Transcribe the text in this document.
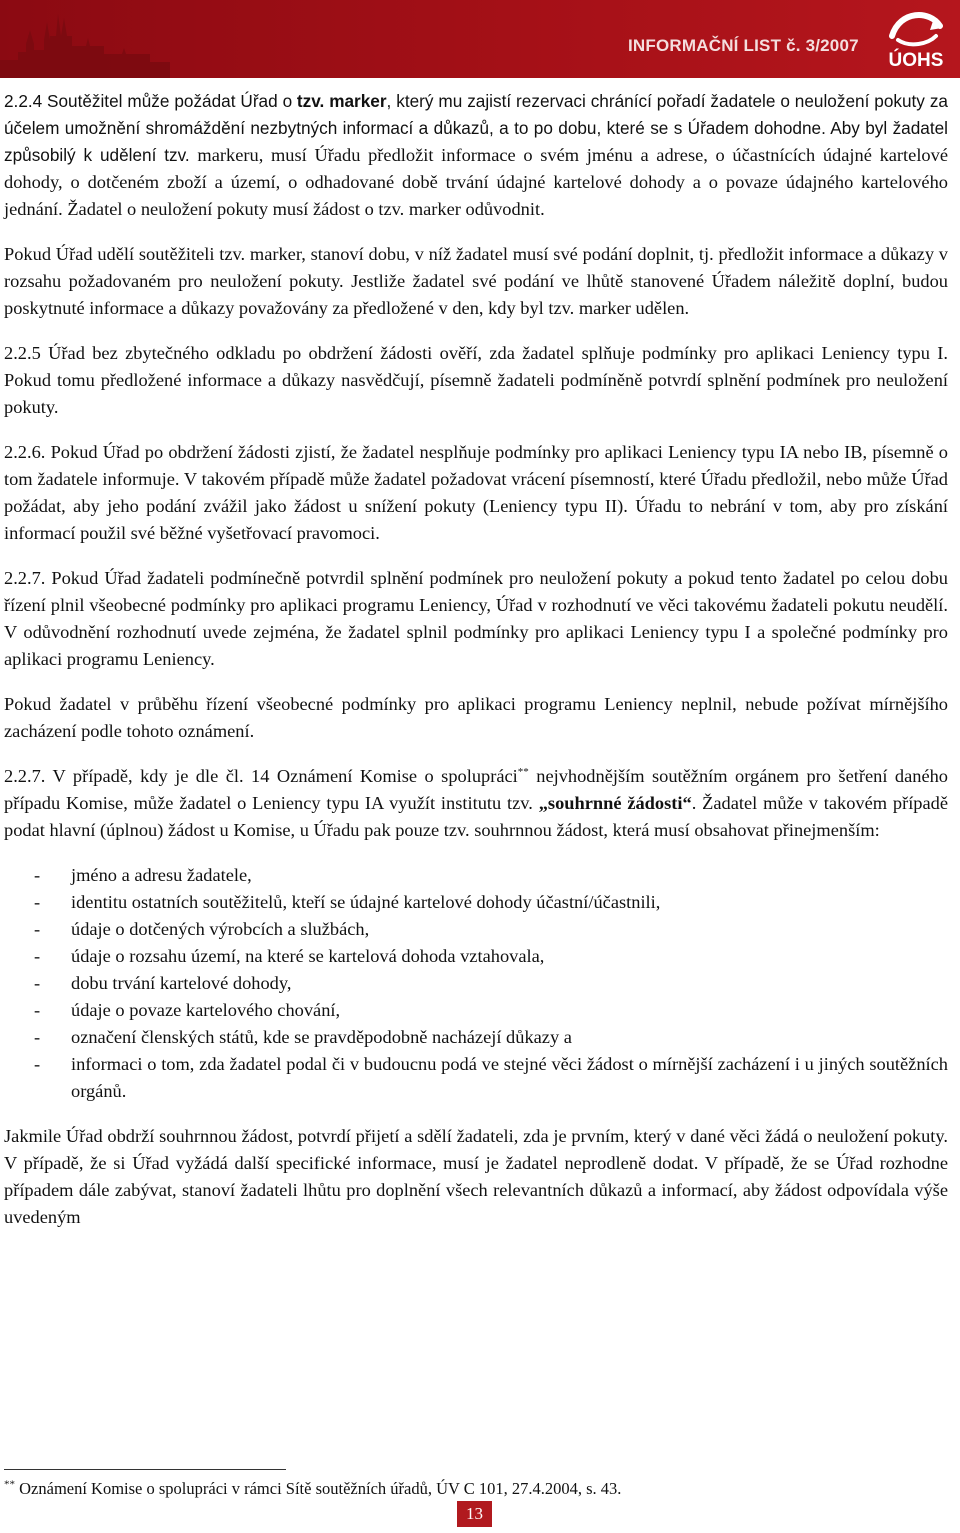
INFORMAČNÍ LIST č. 3/2007
ÚOHS

2.2.4 Soutěžitel může požádat Úřad o tzv. marker, který mu zajistí rezervaci chránící pořadí žadatele o neuložení pokuty za účelem umožnění shromáždění nezbytných informací a důkazů, a to po dobu, které se s Úřadem dohodne. Aby byl žadatel způsobilý k udělení tzv. markeru, musí Úřadu předložit informace o svém jménu a adrese, o účastnících údajné kartelové dohody, o dotčeném zboží a území, o odhadované době trvání údajné kartelové dohody a o povaze údajného kartelového jednání. Žadatel o neuložení pokuty musí žádost o tzv. marker odůvodnit.

Pokud Úřad udělí soutěžiteli tzv. marker, stanoví dobu, v níž žadatel musí své podání doplnit, tj. předložit informace a důkazy v rozsahu požadovaném pro neuložení pokuty. Jestliže žadatel své podání ve lhůtě stanovené Úřadem náležitě doplní, budou poskytnuté informace a důkazy považovány za předložené v den, kdy byl tzv. marker udělen.

2.2.5 Úřad bez zbytečného odkladu po obdržení žádosti ověří, zda žadatel splňuje podmínky pro aplikaci Leniency typu I. Pokud tomu předložené informace a důkazy nasvědčují, písemně žadateli podmíněně potvrdí splnění podmínek pro neuložení pokuty.

2.2.6. Pokud Úřad po obdržení žádosti zjistí, že žadatel nesplňuje podmínky pro aplikaci Leniency typu IA nebo IB, písemně o tom žadatele informuje. V takovém případě může žadatel požadovat vrácení písemností, které Úřadu předložil, nebo může Úřad požádat, aby jeho podání zvážil jako žádost u snížení pokuty (Leniency typu II). Úřadu to nebrání v tom, aby pro získání informací použil své běžné vyšetřovací pravomoci.

2.2.7. Pokud Úřad žadateli podmínečně potvrdil splnění podmínek pro neuložení pokuty a pokud tento žadatel po celou dobu řízení plnil všeobecné podmínky pro aplikaci programu Leniency, Úřad v rozhodnutí ve věci takovému žadateli pokutu neudělí. V odůvodnění rozhodnutí uvede zejména, že žadatel splnil podmínky pro aplikaci Leniency typu I a společné podmínky pro aplikaci programu Leniency.

Pokud žadatel v průběhu řízení všeobecné podmínky pro aplikaci programu Leniency neplnil, nebude požívat mírnějšího zacházení podle tohoto oznámení.

2.2.7. V případě, kdy je dle čl. 14 Oznámení Komise o spolupráci** nejvhodnějším soutěžním orgánem pro šetření daného případu Komise, může žadatel o Leniency typu IA využít institutu tzv. „souhrnné žádosti“. Žadatel může v takovém případě podat hlavní (úplnou) žádost u Komise, u Úřadu pak pouze tzv. souhrnnou žádost, která musí obsahovat přinejmenším:

- jméno a adresu žadatele,
- identitu ostatních soutěžitelů, kteří se údajné kartelové dohody účastní/účastnili,
- údaje o dotčených výrobcích a službách,
- údaje o rozsahu území, na které se kartelová dohoda vztahovala,
- dobu trvání kartelové dohody,
- údaje o povaze kartelového chování,
- označení členských států, kde se pravděpodobně nacházejí důkazy a
- informaci o tom, zda žadatel podal či v budoucnu podá ve stejné věci žádost o mírnější zacházení i u jiných soutěžních orgánů.

Jakmile Úřad obdrží souhrnnou žádost, potvrdí přijetí a sdělí žadateli, zda je prvním, který v dané věci žádá o neuložení pokuty. V případě, že si Úřad vyžádá další specifické informace, musí je žadatel neprodleně dodat. V případě, že se Úřad rozhodne případem dále zabývat, stanoví žadateli lhůtu pro doplnění všech relevantních důkazů a informací, aby žádost odpovídala výše uvedeným

** Oznámení Komise o spolupráci v rámci Sítě soutěžních úřadů, ÚV C 101, 27.4.2004, s. 43.
13
